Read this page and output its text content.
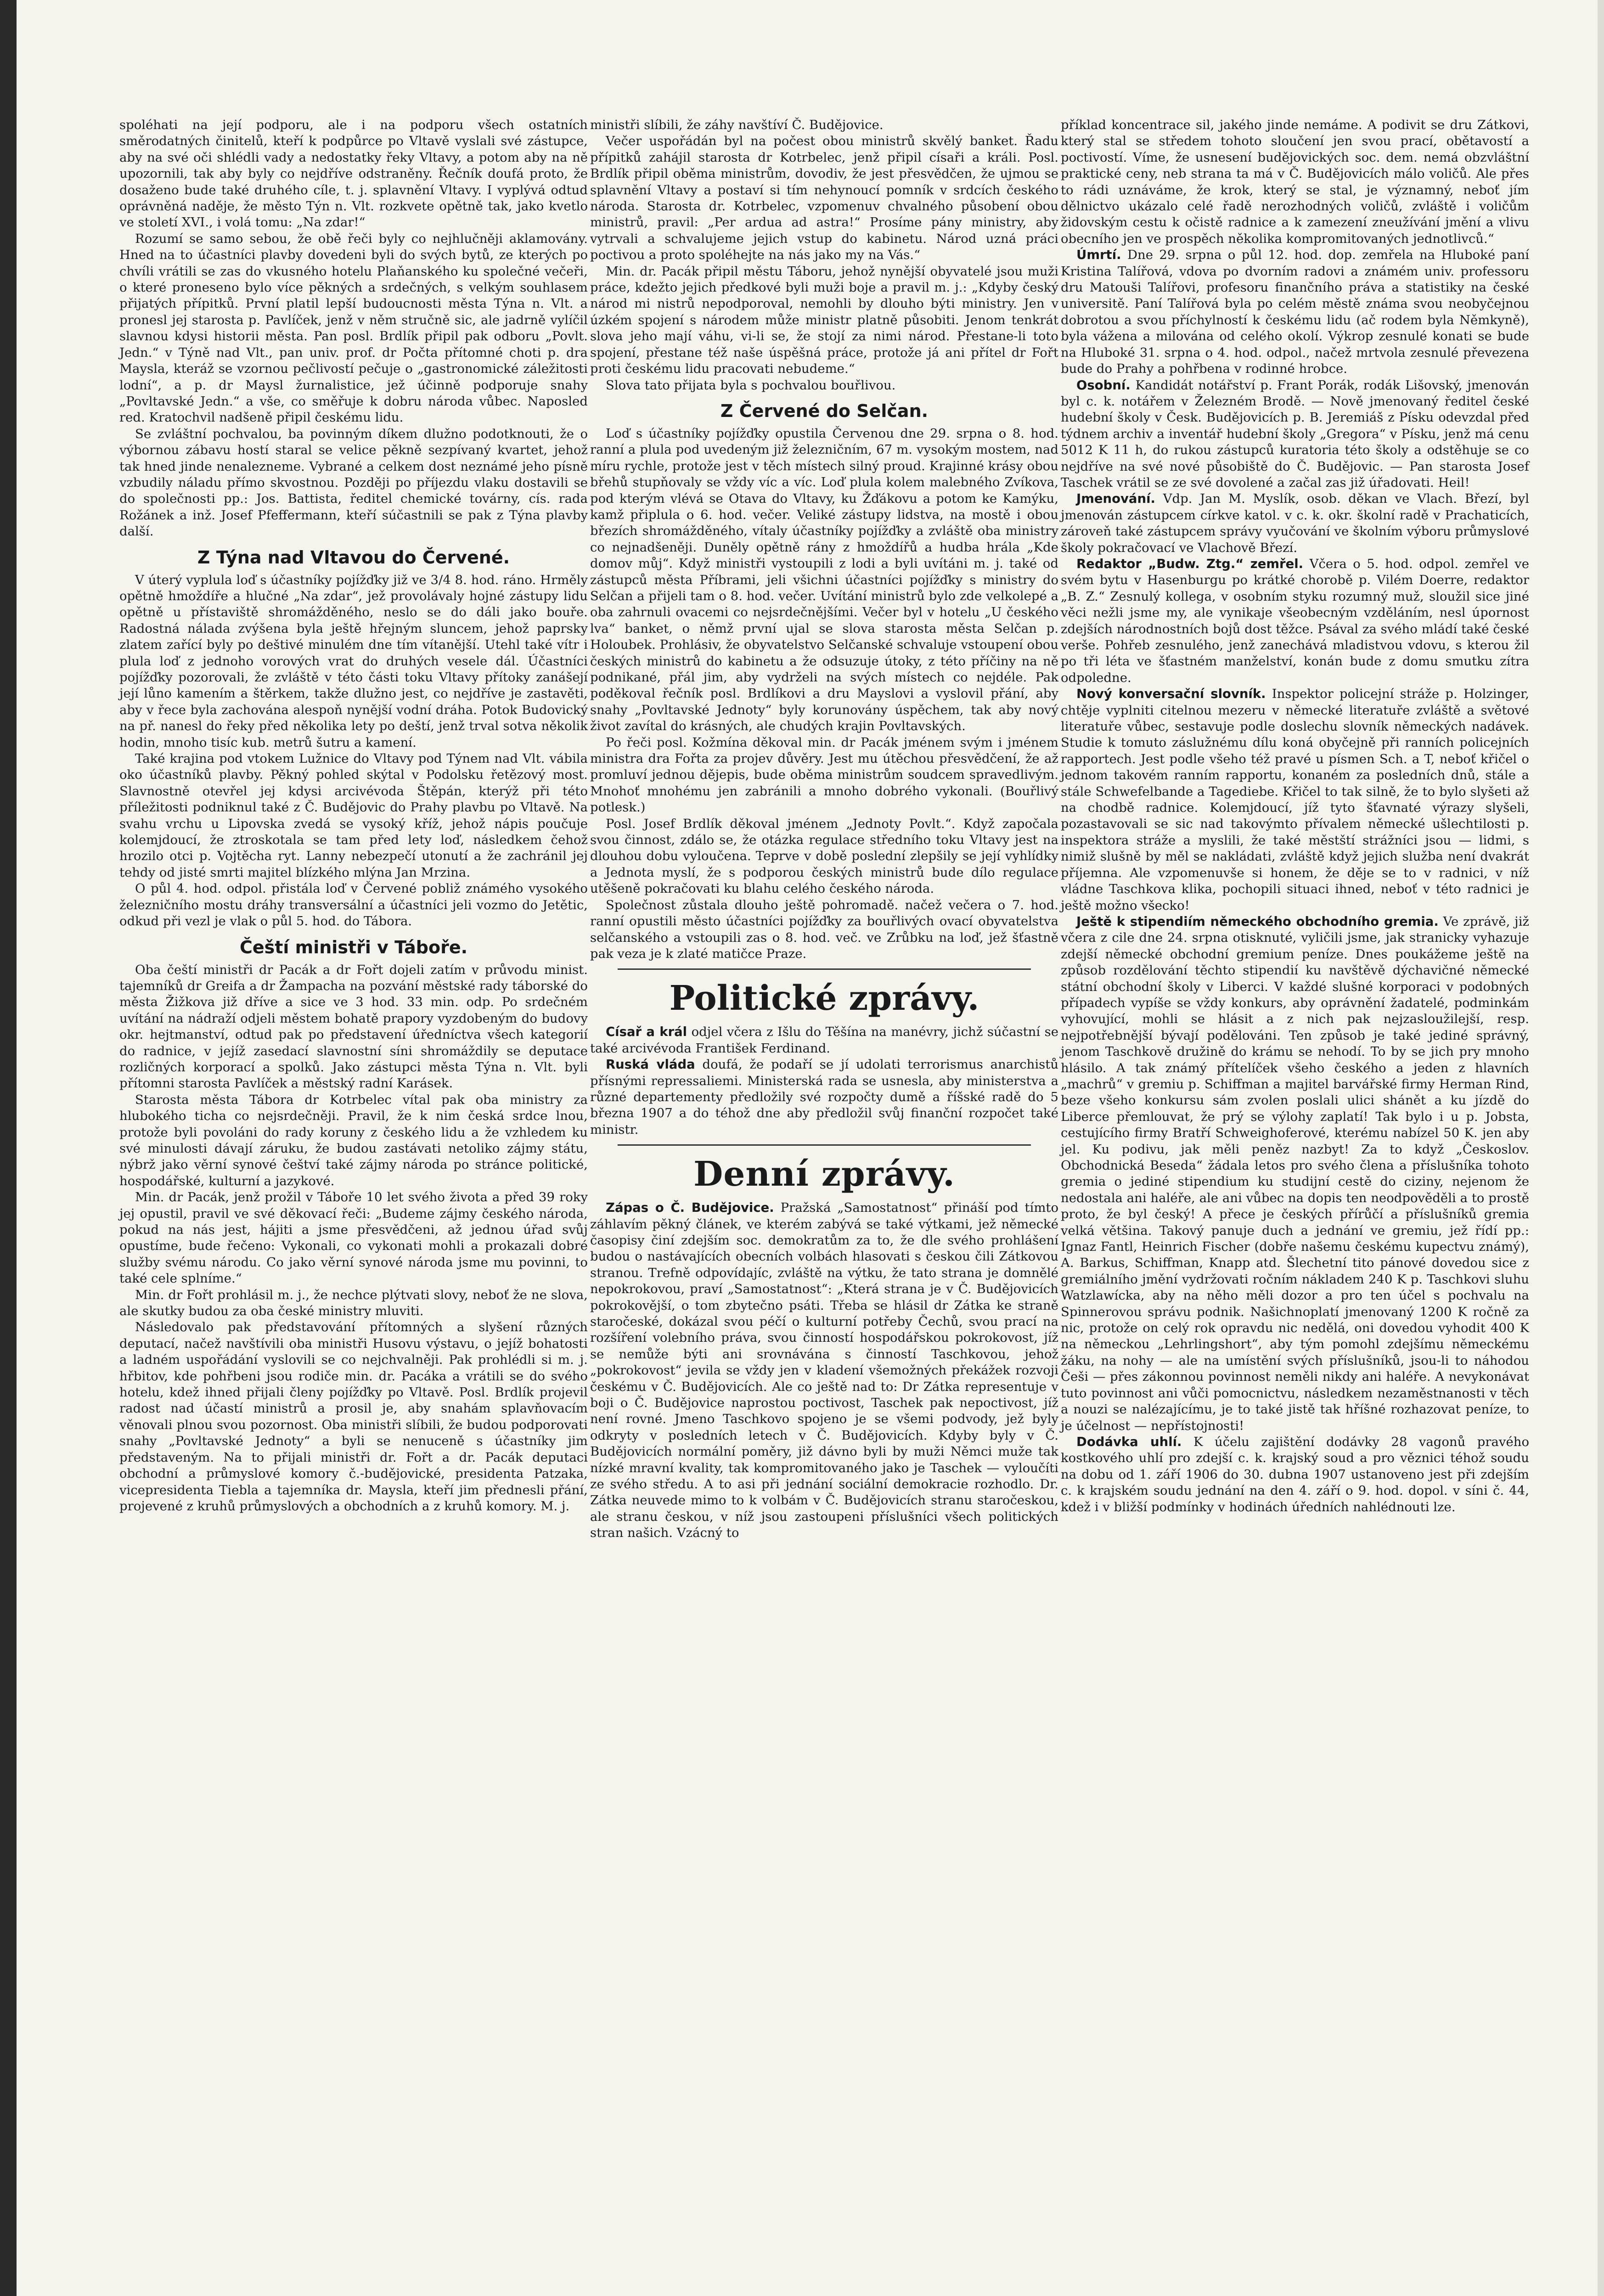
spoléhati na její podporu, ale i na podporu všech ostatních směrodatných činitelů, kteří k podpůrce po Vltavě vyslali své zástupce, aby na své oči shlédli vady a nedostatky řeky Vltavy, a potom aby na ně upozornili, tak aby byly co nejdříve odstraněny. Řečník doufá proto, že dosaženo bude také druhého cíle, t. j. splavnění Vltavy. I vyplývá odtud oprávněná naděje, že město Týn n. Vlt. rozkvete opětně tak, jako kvetlo ve století XVI., i volá tomu: „Na zdar!“

Rozumí se samo sebou, že obě řeči byly co nejhlučněji aklamovány. Hned na to účastníci plavby dovedeni byli do svých bytů, ze kterých po chvíli vrátili se zas do vkusného hotelu Plaňanského ku společné večeři, o které proneseno bylo více pěkných a srdečných, s velkým souhlasem přijatých přípitků. První platil lepší budoucnosti města Týna n. Vlt. a pronesl jej starosta p. Pavlíček, jenž v něm stručně sic, ale jadrně vylíčil slavnou kdysi historii města. Pan posl. Brdlík připil pak odboru „Povlt. Jedn.“ v Týně nad Vlt., pan univ. prof. dr Počta přítomné choti p. dra Maysla, kteráž se vzornou pečlivostí pečuje o „gastronomické záležitosti lodní“, a p. dr Maysl žurnalistice, jež účinně podporuje snahy „Povltavské Jedn.“ a vše, co směřuje k dobru národa vůbec. Naposled red. Kratochvil nadšeně připil českému lidu.

Se zvláštní pochvalou, ba povinným díkem dlužno podotknouti, že o výbornou zábavu hostí staral se velice pěkně sezpívaný kvartet, jehož tak hned jinde nenalezneme. Vybrané a celkem dost neznámé jeho písně vzbudily náladu přímo skvostnou. Později po příjezdu vlaku dostavili se do společnosti pp.: Jos. Battista, ředitel chemické továrny, cís. rada Rožánek a inž. Josef Pfeffermann, kteří súčastnili se pak z Týna plavby další.

Z Týna nad Vltavou do Červené.

V úterý vyplula loď s účastníky pojížďky již ve 3/4 8. hod. ráno. Hrměly opětně hmoždíře a hlučné „Na zdar“, jež provolávaly hojné zástupy lidu opětně u přístaviště shromážděného, neslo se do dáli jako bouře. Radostná nálada zvýšena byla ještě hřejným sluncem, jehož paprsky zlatem zařící byly po deštivé minulém dne tím vítanější. Utehl také vítr i plula loď z jednoho vorových vrat do druhých vesele dál. Účastníci pojížďky pozorovali, že zvláště v této části toku Vltavy přítoky zanášejí její lůno kamením a štěrkem, takže dlužno jest, co nejdříve je zastavěti, aby v řece byla zachována alespoň nynější vodní dráha. Potok Budovický na př. nanesl do řeky před několika lety po deští, jenž trval sotva několik hodin, mnoho tisíc kub. metrů šutru a kamení.

Také krajina pod vtokem Lužnice do Vltavy pod Týnem nad Vlt. vábila oko účastníků plavby. Pěkný pohled skýtal v Podolsku řetězový most. Slavnostně otevřel jej kdysi arcivévoda Štěpán, kterýž při této příležitosti podniknul také z Č. Budějovic do Prahy plavbu po Vltavě. Na svahu vrchu u Lipovska zvedá se vysoký kříž, jehož nápis poučuje kolemjdoucí, že ztroskotala se tam před lety loď, následkem čehož hrozilo otci p. Vojtěcha ryt. Lanny nebezpečí utonutí a že zachránil jej tehdy od jisté smrti majitel blízkého mlýna Jan Mrzina.

O půl 4. hod. odpol. přistála loď v Červené pobliž známého vysokého železničního mostu dráhy transversální a účastníci jeli vozmo do Jetětic, odkud při vezl je vlak o půl 5. hod. do Tábora.

Čeští ministři v Táboře.

Oba čeští ministři dr Pacák a dr Fořt dojeli zatím v průvodu minist. tajemníků dr Greifa a dr Žampacha na pozvání městské rady táborské do města Žižkova již dříve a sice ve 3 hod. 33 min. odp. Po srdečném uvítání na nádraží odjeli městem bohatě prapory vyzdobeným do budovy okr. hejtmanství, odtud pak po představení úředníctva všech kategorií do radnice, v jejíž zasedací slavnostní síni shromáždily se deputace rozličných korporací a spolků. Jako zástupci města Týna n. Vlt. byli přítomni starosta Pavlíček a městský radní Karásek.

Starosta města Tábora dr Kotrbelec vítal pak oba ministry za hlubokého ticha co nejsrdečněji. Pravil, že k nim česká srdce lnou, protože byli povoláni do rady koruny z českého lidu a že vzhledem ku své minulosti dávají záruku, že budou zastávati netoliko zájmy státu, nýbrž jako věrní synové češtví také zájmy národa po stránce politické, hospodářské, kulturní a jazykové.

Min. dr Pacák, jenž prožil v Táboře 10 let svého života a před 39 roky jej opustil, pravil ve své děkovací řeči: „Budeme zájmy českého národa, pokud na nás jest, hájiti a jsme přesvědčeni, až jednou úřad svůj opustíme, bude řečeno: Vykonali, co vykonati mohli a prokazali dobré služby svému národu. Co jako věrní synové národa jsme mu povinni, to také cele splníme.“

Min. dr Fořt prohlásil m. j., že nechce plýtvati slovy, neboť že ne slova, ale skutky budou za oba české ministry mluviti.

Následovalo pak představování přítomných a slyšení různých deputací, načež navštívili oba ministři Husovu výstavu, o jejíž bohatosti a ladném uspořádání vyslovili se co nejchvalněji. Pak prohlédli si m. j. hřbitov, kde pohřbeni jsou rodiče min. dr. Pacáka a vrátili se do svého hotelu, kdež ihned přijali členy pojížďky po Vltavě. Posl. Brdlík projevil radost nad účastí ministrů a prosil je, aby snahám splavňovacím věnovali plnou svou pozornost. Oba ministři slíbili, že budou podporovati snahy „Povltavské Jednoty“ a byli se nenuceně s účastníky jim představeným. Na to přijali ministři dr. Fořt a dr. Pacák deputaci obchodní a průmyslové komory č.-budějovické, presidenta Patzaka, vicepresidenta Tiebla a tajemníka dr. Maysla, kteří jim přednesli přání, projevené z kruhů průmyslových a obchodních a z kruhů komory. M. j.

ministři slíbili, že záhy navštíví Č. Budějovice.

Večer uspořádán byl na počest obou ministrů skvělý banket. Řadu přípitků zahájil starosta dr Kotrbelec, jenž připil císaři a králi. Posl. Brdlík připil oběma ministrům, dovodiv, že jest přesvědčen, že ujmou se splavnění Vltavy a postaví si tím nehynoucí pomník v srdcích českého národa. Starosta dr. Kotrbelec, vzpomenuv chvalného působení obou ministrů, pravil: „Per ardua ad astra!“ Prosíme pány ministry, aby vytrvali a schvalujeme jejich vstup do kabinetu. Národ uzná práci poctivou a proto spoléhejte na nás jako my na Vás.“

Min. dr. Pacák připil městu Táboru, jehož nynější obyvatelé jsou muži práce, kdežto jejich předkové byli muži boje a pravil m. j.: „Kdyby český národ mi nistrů nepodporoval, nemohli by dlouho býti ministry. Jen v úzkém spojení s národem může ministr platně působiti. Jenom tenkrát slova jeho mají váhu, vi-li se, že stojí za nimi národ. Přestane-li toto spojení, přestane též naše úspěšná práce, protože já ani přítel dr Fořt proti českému lidu pracovati nebudeme.“

Slova tato přijata byla s pochvalou bouřlivou.

Z Červené do Selčan.

Loď s účastníky pojížďky opustila Červenou dne 29. srpna o 8. hod. ranní a plula pod uvedeným již železničním, 67 m. vysokým mostem, nad míru rychle, protože jest v těch místech silný proud. Krajinné krásy obou břehů stupňovaly se vždy víc a víc. Loď plula kolem malebného Zvíkova, pod kterým vlévá se Otava do Vltavy, ku Žďákovu a potom ke Kamýku, kamž připlula o 6. hod. večer. Veliké zástupy lidstva, na mostě i obou březích shromážděného, vítaly účastníky pojížďky a zvláště oba ministry co nejnadšeněji. Duněly opětně rány z hmoždířů a hudba hrála „Kde domov můj“. Když ministři vystoupili z lodi a byli uvítáni m. j. také od zástupců města Příbrami, jeli všichni účastníci pojížďky s ministry do Selčan a přijeli tam o 8. hod. večer. Uvítání ministrů bylo zde velkolepé a oba zahrnuli ovacemi co nejsrdečnějšími. Večer byl v hotelu „U českého lva“ banket, o němž první ujal se slova starosta města Selčan p. Holoubek. Prohlásiv, že obyvatelstvo Selčanské schvaluje vstoupení obou českých ministrů do kabinetu a že odsuzuje útoky, z této příčiny na ně podnikané, přál jim, aby vydrželi na svých místech co nejdéle. Pak poděkoval řečník posl. Brdlíkovi a dru Mayslovi a vyslovil přání, aby snahy „Povltavské Jednoty“ byly korunovány úspěchem, tak aby nový život zavítal do krásných, ale chudých krajin Povltavských.

Po řeči posl. Kožmína děkoval min. dr Pacák jménem svým i jménem ministra dra Fořta za projev důvěry. Jest mu útěchou přesvědčení, že až promluví jednou dějepis, bude oběma ministrům soudcem spravedlivým. Mnohoť mnohému jen zabránili a mnoho dobrého vykonali. (Bouřlivý potlesk.)

Posl. Josef Brdlík děkoval jménem „Jednoty Povlt.“. Když započala svou činnost, zdálo se, že otázka regulace středního toku Vltavy jest na dlouhou dobu vyloučena. Teprve v době poslední zlepšily se její vyhlídky a Jednota myslí, že s podporou českých ministrů bude dílo regulace utěšeně pokračovati ku blahu celého českého národa.

Společnost zůstala dlouho ještě pohromadě. načež večera o 7. hod. ranní opustili město účastníci pojížďky za bouřlivých ovací obyvatelstva selčanského a vstoupili zas o 8. hod. več. ve Zrůbku na loď, jež šťastně pak veza je k zlaté matičce Praze.

Politické zprávy.

Císař a král odjel včera z Išlu do Těšína na manévry, jichž súčastní se také arcivévoda František Ferdinand.

Ruská vláda doufá, že podaří se jí udolati terrorismus anarchistů přísnými repressaliemi. Ministerská rada se usnesla, aby ministerstva a různé departementy předložily své rozpočty dumě a říšské radě do 5 března 1907 a do téhož dne aby předložil svůj finanční rozpočet také ministr.

Denní zprávy.

Zápas o Č. Budějovice. Pražská „Samostatnost“ přináší pod tímto záhlavím pěkný článek, ve kterém zabývá se také výtkami, jež německé časopisy činí zdejším soc. demokratům za to, že dle svého prohlášení budou o nastávajících obecních volbách hlasovati s českou čili Zátkovou stranou. Trefně odpovídajíc, zvláště na výtku, že tato strana je domnělé nepokrokovou, praví „Samostatnost“: „Která strana je v Č. Budějovicích pokrokovější, o tom zbytečno psáti. Třeba se hlásil dr Zátka ke straně staročeské, dokázal svou péčí o kulturní potřeby Čechů, svou prací na rozšíření volebního práva, svou činností hospodářskou pokrokovost, jíž se nemůže býti ani srovnávána s činností Taschkovou, jehož „pokrokovost“ jevila se vždy jen v kladení všemožných překážek rozvoji českému v Č. Budějovicích. Ale co ještě nad to: Dr Zátka representuje v boji o Č. Budějovice naprostou poctivost, Taschek pak nepoctivost, jíž není rovné. Jmeno Taschkovo spojeno je se všemi podvody, jež byly odkryty v posledních letech v Č. Budějovicích. Kdyby byly v Č. Budějovicích normální poměry, již dávno byli by muži Němci muže tak nízké mravní kvality, tak kompromitovaného jako je Taschek — vyloučíti ze svého středu. A to asi při jednání sociální demokracie rozhodlo. Dr. Zátka neuvede mimo to k volbám v Č. Budějovicích stranu staročeskou, ale stranu českou, v níž jsou zastoupeni příslušníci všech politických stran našich. Vzácný to

příklad koncentrace sil, jakého jinde nemáme. A podivit se dru Zátkovi, který stal se středem tohoto sloučení jen svou prací, obětavostí a poctivostí. Víme, že usnesení budějovických soc. dem. nemá obzvláštní praktické ceny, neb strana ta má v Č. Budějovicích málo voličů. Ale přes to rádi uznáváme, že krok, který se stal, je významný, neboť jím dělnictvo ukázalo celé řadě nerozhodných voličů, zvláště i voličům židovským cestu k očistě radnice a k zamezení zneužívání jmění a vlivu obecního jen ve prospěch několika kompromitovaných jednotlivců.“

Úmrtí. Dne 29. srpna o půl 12. hod. dop. zemřela na Hluboké paní Kristina Talířová, vdova po dvorním radovi a známém univ. professoru dru Matouši Talířovi, profesoru finančního práva a statistiky na české universitě. Paní Talířová byla po celém městě známa svou neobyčejnou dobrotou a svou příchylností k českému lidu (ač rodem byla Němkyně), byla vážena a milována od celého okolí. Výkrop zesnulé konati se bude na Hluboké 31. srpna o 4. hod. odpol., načež mrtvola zesnulé převezena bude do Prahy a pohřbena v rodinné hrobce.

Osobní. Kandidát notářství p. Frant Porák, rodák Lišovský, jmenován byl c. k. notářem v Železném Brodě. — Nově jmenovaný ředitel české hudební školy v Česk. Budějovicích p. B. Jeremiáš z Písku odevzdal před týdnem archiv a inventář hudební školy „Gregora“ v Písku, jenž má cenu 5012 K 11 h, do rukou zástupců kuratoria této školy a odstěhuje se co nejdříve na své nové působiště do Č. Budějovic. — Pan starosta Josef Taschek vrátil se ze své dovolené a začal zas již úřadovati. Heil!

Jmenování. Vdp. Jan M. Myslík, osob. děkan ve Vlach. Březí, byl jmenován zástupcem církve katol. v c. k. okr. školní radě v Prachaticích, zároveň také zástupcem správy vyučování ve školním výboru průmyslové školy pokračovací ve Vlachově Březí.

Redaktor „Budw. Ztg.“ zemřel. Včera o 5. hod. odpol. zemřel ve svém bytu v Hasenburgu po krátké chorobě p. Vilém Doerre, redaktor „B. Z.“ Zesnulý kollega, v osobním styku rozumný muž, sloužil sice jiné věci nežli jsme my, ale vynikaje všeobecným vzděláním, nesl úpornost zdejších národnostních bojů dost těžce. Psával za svého mládí také české verše. Pohřeb zesnulého, jenž zanechává mladistvou vdovu, s kterou žil po tři léta ve šťastném manželství, konán bude z domu smutku zítra odpoledne.

Nový konversační slovník. Inspektor policejní stráže p. Holzinger, chtěje vyplniti citelnou mezeru v německé literatuře zvláště a světové literatuře vůbec, sestavuje podle doslechu slovník německých nadávek. Studie k tomuto záslužnému dílu koná obyčejně při ranních policejních rapportech. Jest podle všeho též pravé u písmen Sch. a T, neboť křičel o jednom takovém ranním rapportu, konaném za posledních dnů, stále a stále Schwefelbande a Tagediebe. Křičel to tak silně, že to bylo slyšeti až na chodbě radnice. Kolemjdoucí, jíž tyto šťavnaté výrazy slyšeli, pozastavovali se sic nad takovýmto přívalem německé ušlechtilosti p. inspektora stráže a myslili, že také městští strážníci jsou — lidmi, s nimiž slušně by měl se nakládati, zvláště když jejich služba není dvakrát příjemna. Ale vzpomenuvše si honem, že děje se to v radnici, v níž vládne Taschkova klika, pochopili situaci ihned, neboť v této radnici je ještě možno všecko!

Ještě k stipendiím německého obchodního gremia. Ve zprávě, již včera z cile dne 24. srpna otisknuté, vyličili jsme, jak stranicky vyhazuje zdejší německé obchodní gremium peníze. Dnes poukážeme ještě na způsob rozdělování těchto stipendií ku navštěvě dýchavičné německé státní obchodní školy v Liberci. V každé slušné korporaci v podobných případech vypíše se vždy konkurs, aby oprávnění žadatelé, podminkám vyhovující, mohli se hlásit a z nich pak nejzasloužilejší, resp. nejpotřebnější bývají podělováni. Ten způsob je také jediné správný, jenom Taschkově družině do krámu se nehodí. To by se jich pry mnoho hlásilo. A tak známý přítelíček všeho českého a jeden z hlavních „machrů“ v gremiu p. Schiffman a majitel barvářské firmy Herman Rind, beze všeho konkursu sám zvolen poslali ulici shánět a ku jízdě do Liberce přemlouvat, že prý se výlohy zaplatí! Tak bylo i u p. Jobsta, cestujícího firmy Bratří Schweighoferové, kterému nabízel 50 K. jen aby jel. Ku podivu, jak měli peněz nazbyt! Za to když „Českoslov. Obchodnická Beseda“ žádala letos pro svého člena a příslušníka tohoto gremia o jediné stipendium ku studijní cestě do ciziny, nejenom že nedostala ani haléře, ale ani vůbec na dopis ten neodpověděli a to prostě proto, že byl český! A přece je českých přírůčí a příslušníků gremia velká většina. Takový panuje duch a jednání ve gremiu, jež řídí pp.: Ignaz Fantl, Heinrich Fischer (dobře našemu českému kupectvu známý), A. Barkus, Schiffman, Knapp atd. Šlechetní tito pánové dovedou sice z gremiálního jmění vydržovati ročním nákladem 240 K p. Taschkovi sluhu Watzlawícka, aby na něho měli dozor a pro ten účel s pochvalu na Spinnerovou správu podnik. Našichnoplatí jmenovaný 1200 K ročně za nic, protože on celý rok opravdu nic nedělá, oni dovedou vyhodit 400 K na německou „Lehrlingshort“, aby tým pomohl zdejšímu německému žáku, na nohy — ale na umístění svých příslušníků, jsou-li to náhodou Češi — přes zákonnou povinnost neměli nikdy ani haléře. A nevykonávat tuto povinnost ani vůči pomocnictvu, následkem nezaměstnanosti v těch a nouzi se nalézajícímu, je to také jistě tak hříšné rozhazovat peníze, to je účelnost — nepřístojnosti!

Dodávka uhlí. K účelu zajištění dodávky 28 vagonů pravého kostkového uhlí pro zdejší c. k. krajský soud a pro věznici téhož soudu na dobu od 1. září 1906 do 30. dubna 1907 ustanoveno jest při zdejším c. k krajském soudu jednání na den 4. září o 9. hod. dopol. v síni č. 44, kdež i v bližší podmínky v hodinách úředních nahlédnouti lze.
